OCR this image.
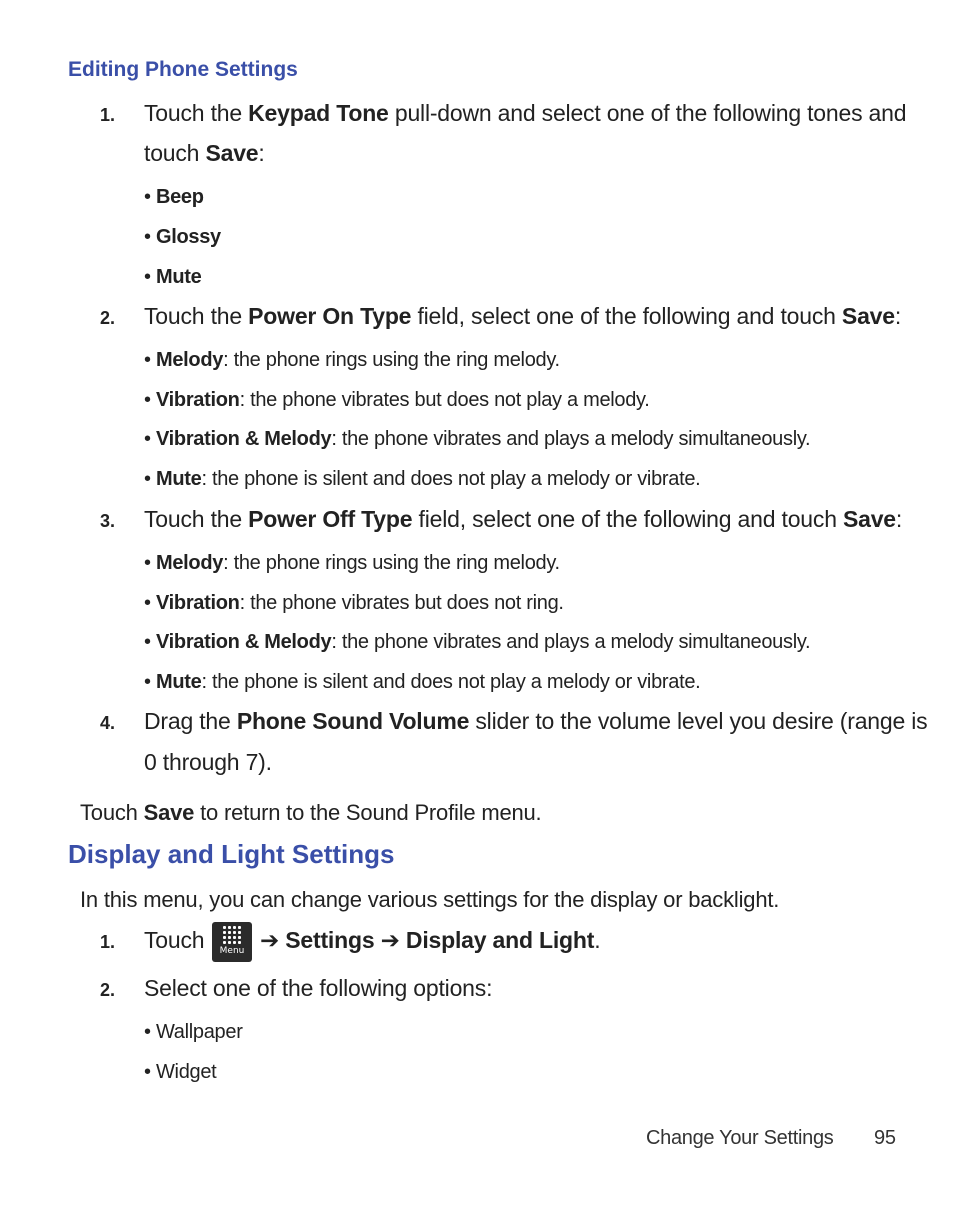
Editing Phone Settings
1. Touch the Keypad Tone pull-down and select one of the following tones and
touch Save:
• Beep
• Glossy
• Mute
2. Touch the Power On Type field, select one of the following and touch Save:
• Melody: the phone rings using the ring melody.
• Vibration: the phone vibrates but does not play a melody.
• Vibration & Melody: the phone vibrates and plays a melody simultaneously.
• Mute: the phone is silent and does not play a melody or vibrate.
3. Touch the Power Off Type field, select one of the following and touch Save:
• Melody: the phone rings using the ring melody.
• Vibration: the phone vibrates but does not ring.
• Vibration & Melody: the phone vibrates and plays a melody simultaneously.
• Mute: the phone is silent and does not play a melody or vibrate.
4. Drag the Phone Sound Volume slider to the volume level you desire (range is
0 through 7).
Touch Save to return to the Sound Profile menu.
Display and Light Settings
In this menu, you can change various settings for the display or backlight.
1. Touch	Menu ➔ Settings ➔ Display and Light.
2. Select one of the following options:
• Wallpaper
• Widget
Change Your Settings 95
